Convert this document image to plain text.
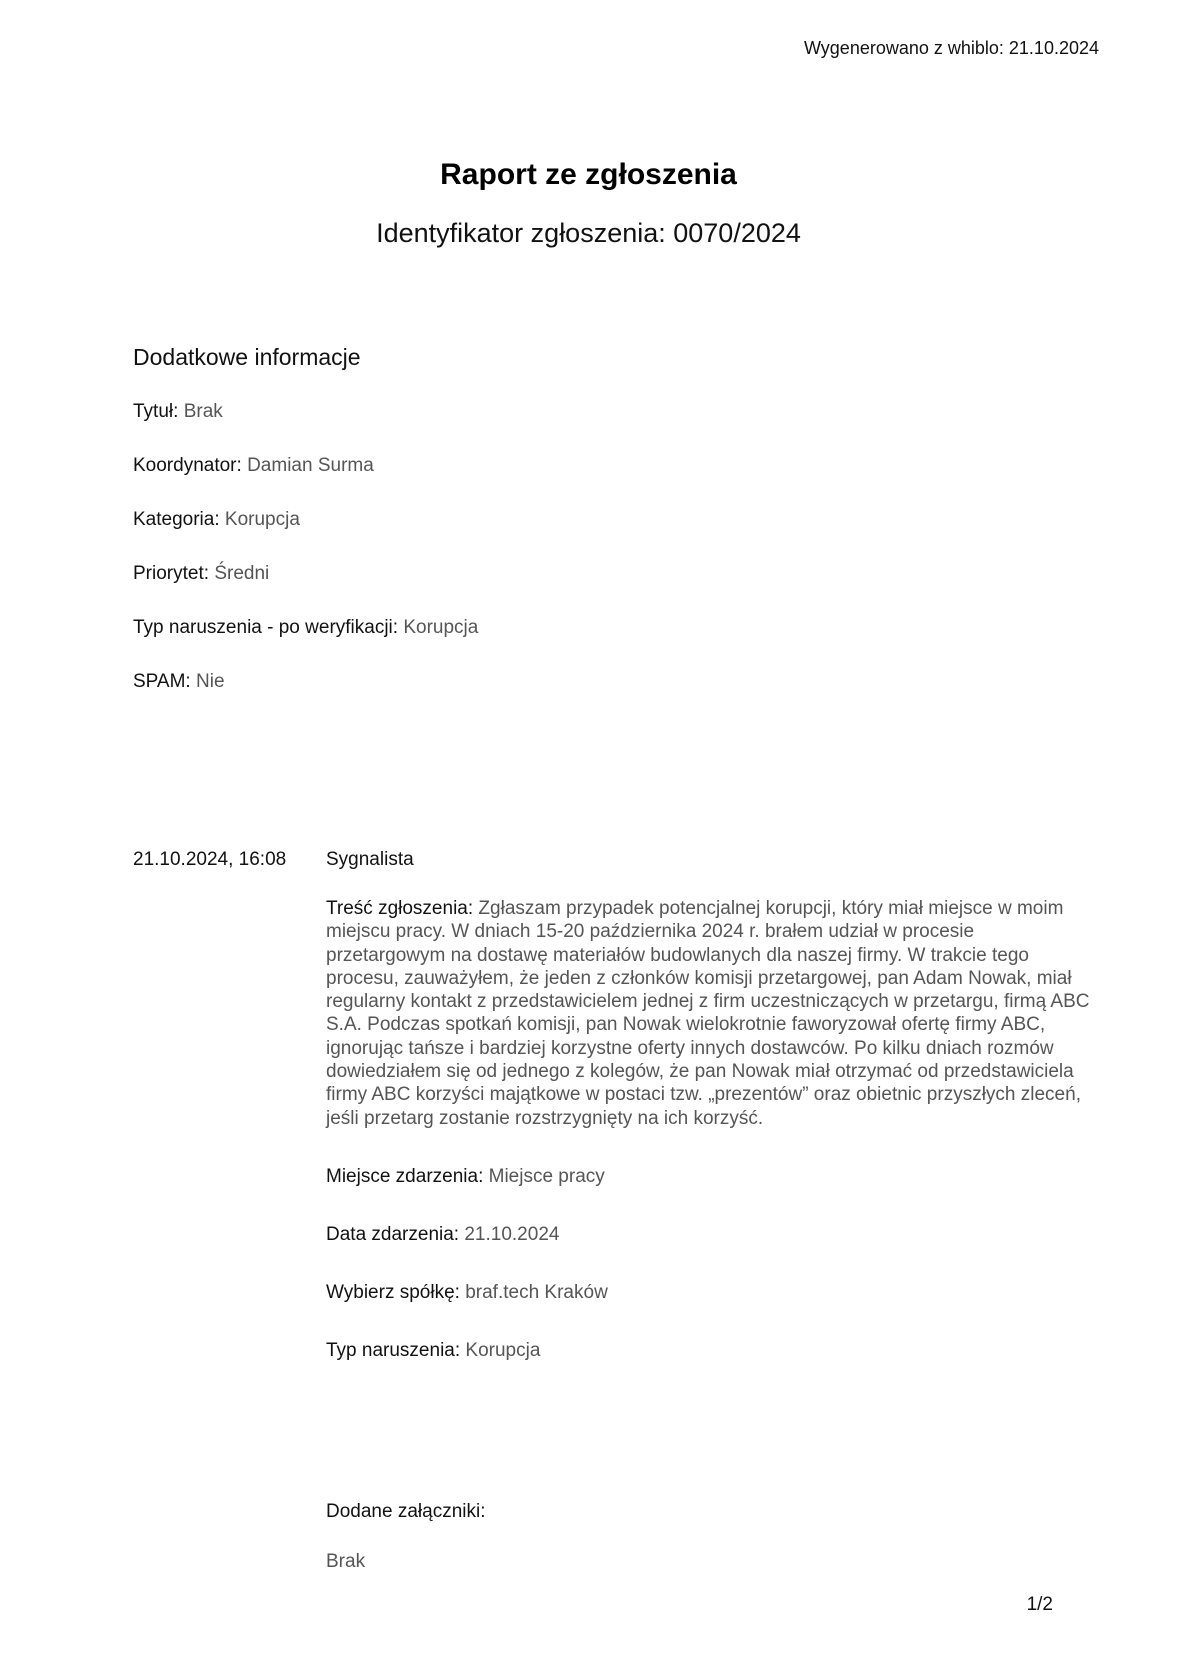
Wygenerowano z whiblo: 21.10.2024
Raport ze zgłoszenia
Identyfikator zgłoszenia: 0070/2024
Dodatkowe informacje
Tytuł: Brak
Koordynator: Damian Surma
Kategoria: Korupcja
Priorytet: Średni
Typ naruszenia - po weryfikacji: Korupcja
SPAM: Nie
21.10.2024, 16:08 Sygnalista
Treść zgłoszenia: Zgłaszam przypadek potencjalnej korupcji, który miał miejsce w moim miejscu pracy. W dniach 15-20 października 2024 r. brałem udział w procesie przetargowym na dostawę materiałów budowlanych dla naszej firmy. W trakcie tego procesu, zauważyłem, że jeden z członków komisji przetargowej, pan Adam Nowak, miał regularny kontakt z przedstawicielem jednej z firm uczestniczących w przetargu, firmą ABC S.A. Podczas spotkań komisji, pan Nowak wielokrotnie faworyzował ofertę firmy ABC, ignorując tańsze i bardziej korzystne oferty innych dostawców. Po kilku dniach rozmów dowiedziałem się od jednego z kolegów, że pan Nowak miał otrzymać od przedstawiciela firmy ABC korzyści majątkowe w postaci tzw. „prezentów” oraz obietnic przyszłych zleceń, jeśli przetarg zostanie rozstrzygnięty na ich korzyść.
Miejsce zdarzenia: Miejsce pracy
Data zdarzenia: 21.10.2024
Wybierz spółkę: braf.tech Kraków
Typ naruszenia: Korupcja
Dodane załączniki:
Brak
1/2
